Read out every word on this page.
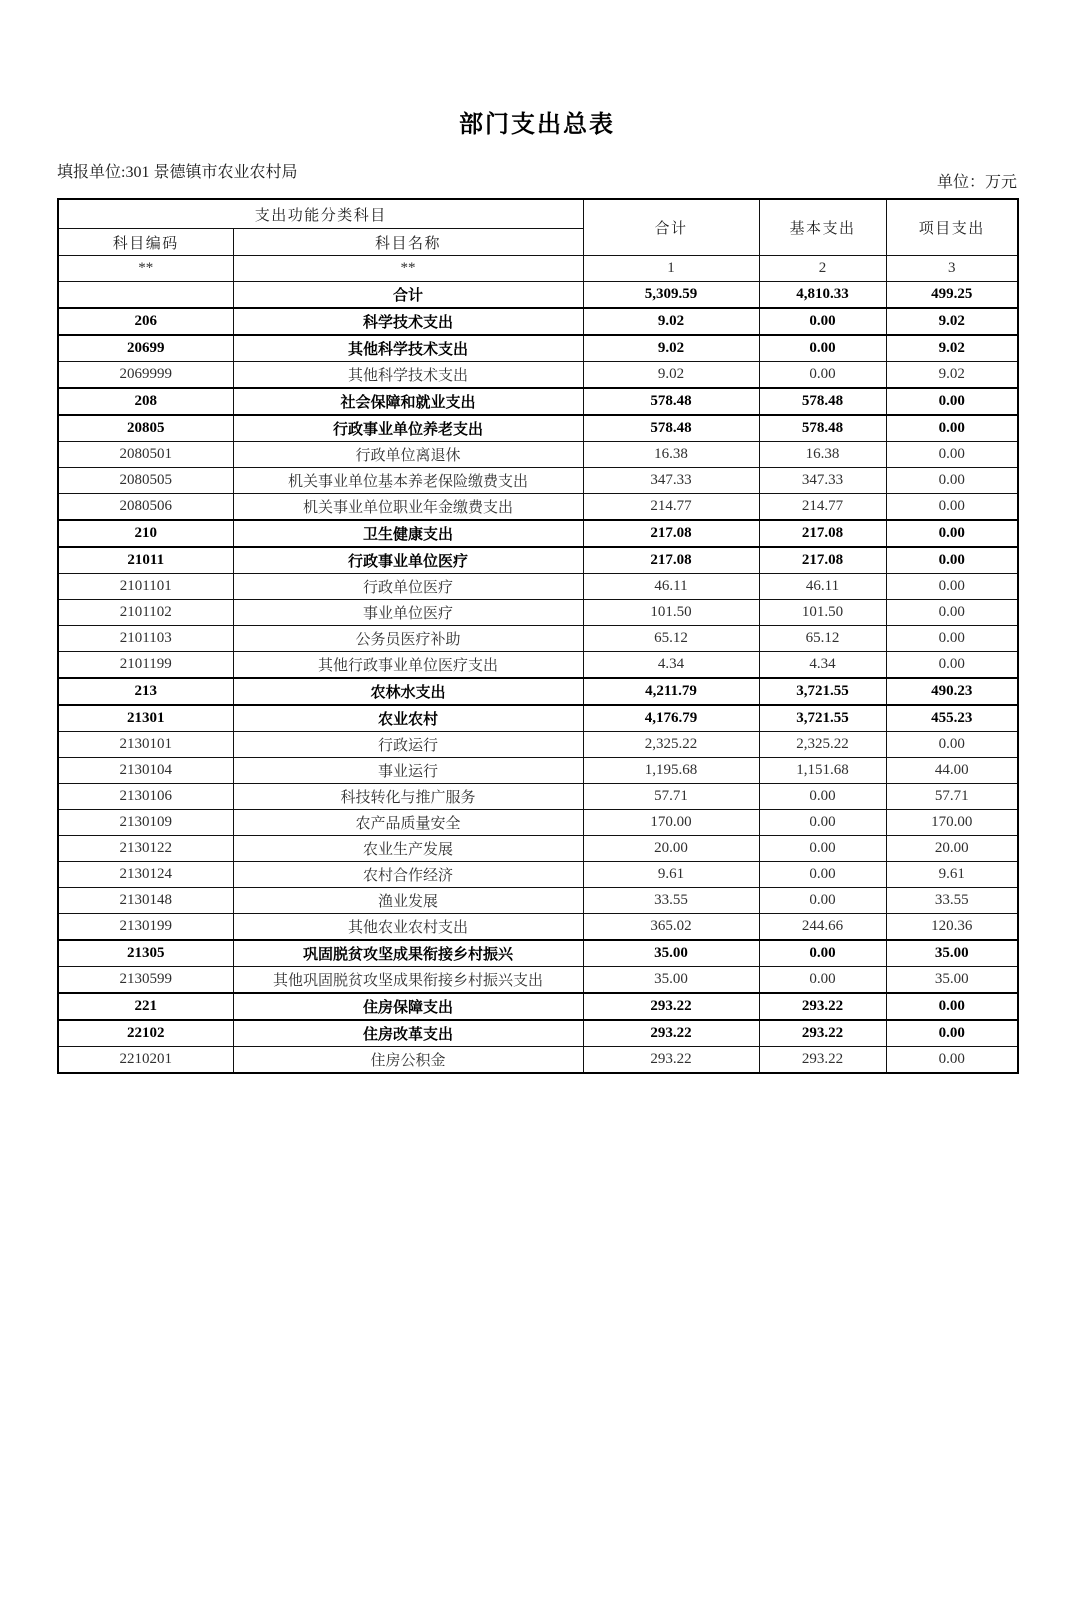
部门支出总表
填报单位:301 景德镇市农业农村局
单位：万元
支出功能分类科目		合计	基本支出	项目支出
科目编码	科目名称			
**	**	1	2	3
	合计	5,309.59	4,810.33	499.25
206	科学技术支出	9.02	0.00	9.02
20699	其他科学技术支出	9.02	0.00	9.02
2069999	其他科学技术支出	9.02	0.00	9.02
208	社会保障和就业支出	578.48	578.48	0.00
20805	行政事业单位养老支出	578.48	578.48	0.00
2080501	行政单位离退休	16.38	16.38	0.00
2080505	机关事业单位基本养老保险缴费支出	347.33	347.33	0.00
2080506	机关事业单位职业年金缴费支出	214.77	214.77	0.00
210	卫生健康支出	217.08	217.08	0.00
21011	行政事业单位医疗	217.08	217.08	0.00
2101101	行政单位医疗	46.11	46.11	0.00
2101102	事业单位医疗	101.50	101.50	0.00
2101103	公务员医疗补助	65.12	65.12	0.00
2101199	其他行政事业单位医疗支出	4.34	4.34	0.00
213	农林水支出	4,211.79	3,721.55	490.23
21301	农业农村	4,176.79	3,721.55	455.23
2130101	行政运行	2,325.22	2,325.22	0.00
2130104	事业运行	1,195.68	1,151.68	44.00
2130106	科技转化与推广服务	57.71	0.00	57.71
2130109	农产品质量安全	170.00	0.00	170.00
2130122	农业生产发展	20.00	0.00	20.00
2130124	农村合作经济	9.61	0.00	9.61
2130148	渔业发展	33.55	0.00	33.55
2130199	其他农业农村支出	365.02	244.66	120.36
21305	巩固脱贫攻坚成果衔接乡村振兴	35.00	0.00	35.00
2130599	其他巩固脱贫攻坚成果衔接乡村振兴支出	35.00	0.00	35.00
221	住房保障支出	293.22	293.22	0.00
22102	住房改革支出	293.22	293.22	0.00
2210201	住房公积金	293.22	293.22	0.00
